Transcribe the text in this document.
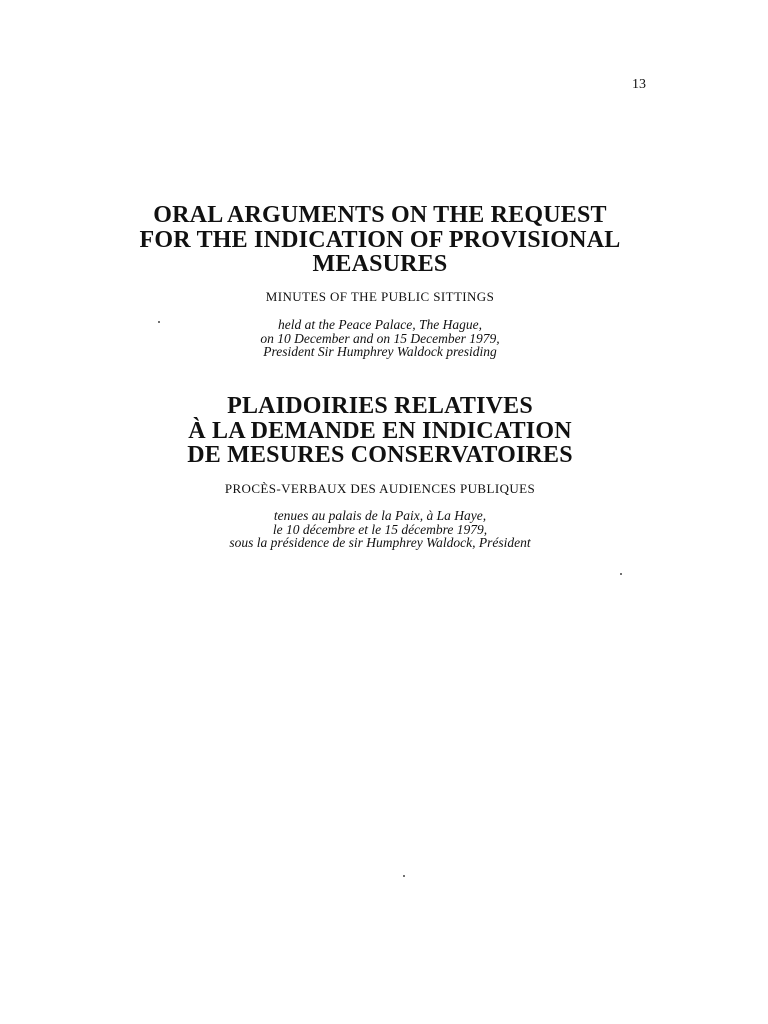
13
ORAL ARGUMENTS ON THE REQUEST
FOR THE INDICATION OF PROVISIONAL
MEASURES
MINUTES OF THE PUBLIC SITTINGS
held at the Peace Palace, The Hague,
on 10 December and on 15 December 1979,
President Sir Humphrey Waldock presiding
PLAIDOIRIES RELATIVES
À LA DEMANDE EN INDICATION
DE MESURES CONSERVATOIRES
PROCÈS-VERBAUX DES AUDIENCES PUBLIQUES
tenues au palais de la Paix, à La Haye,
le 10 décembre et le 15 décembre 1979,
sous la présidence de sir Humphrey Waldock, Président
